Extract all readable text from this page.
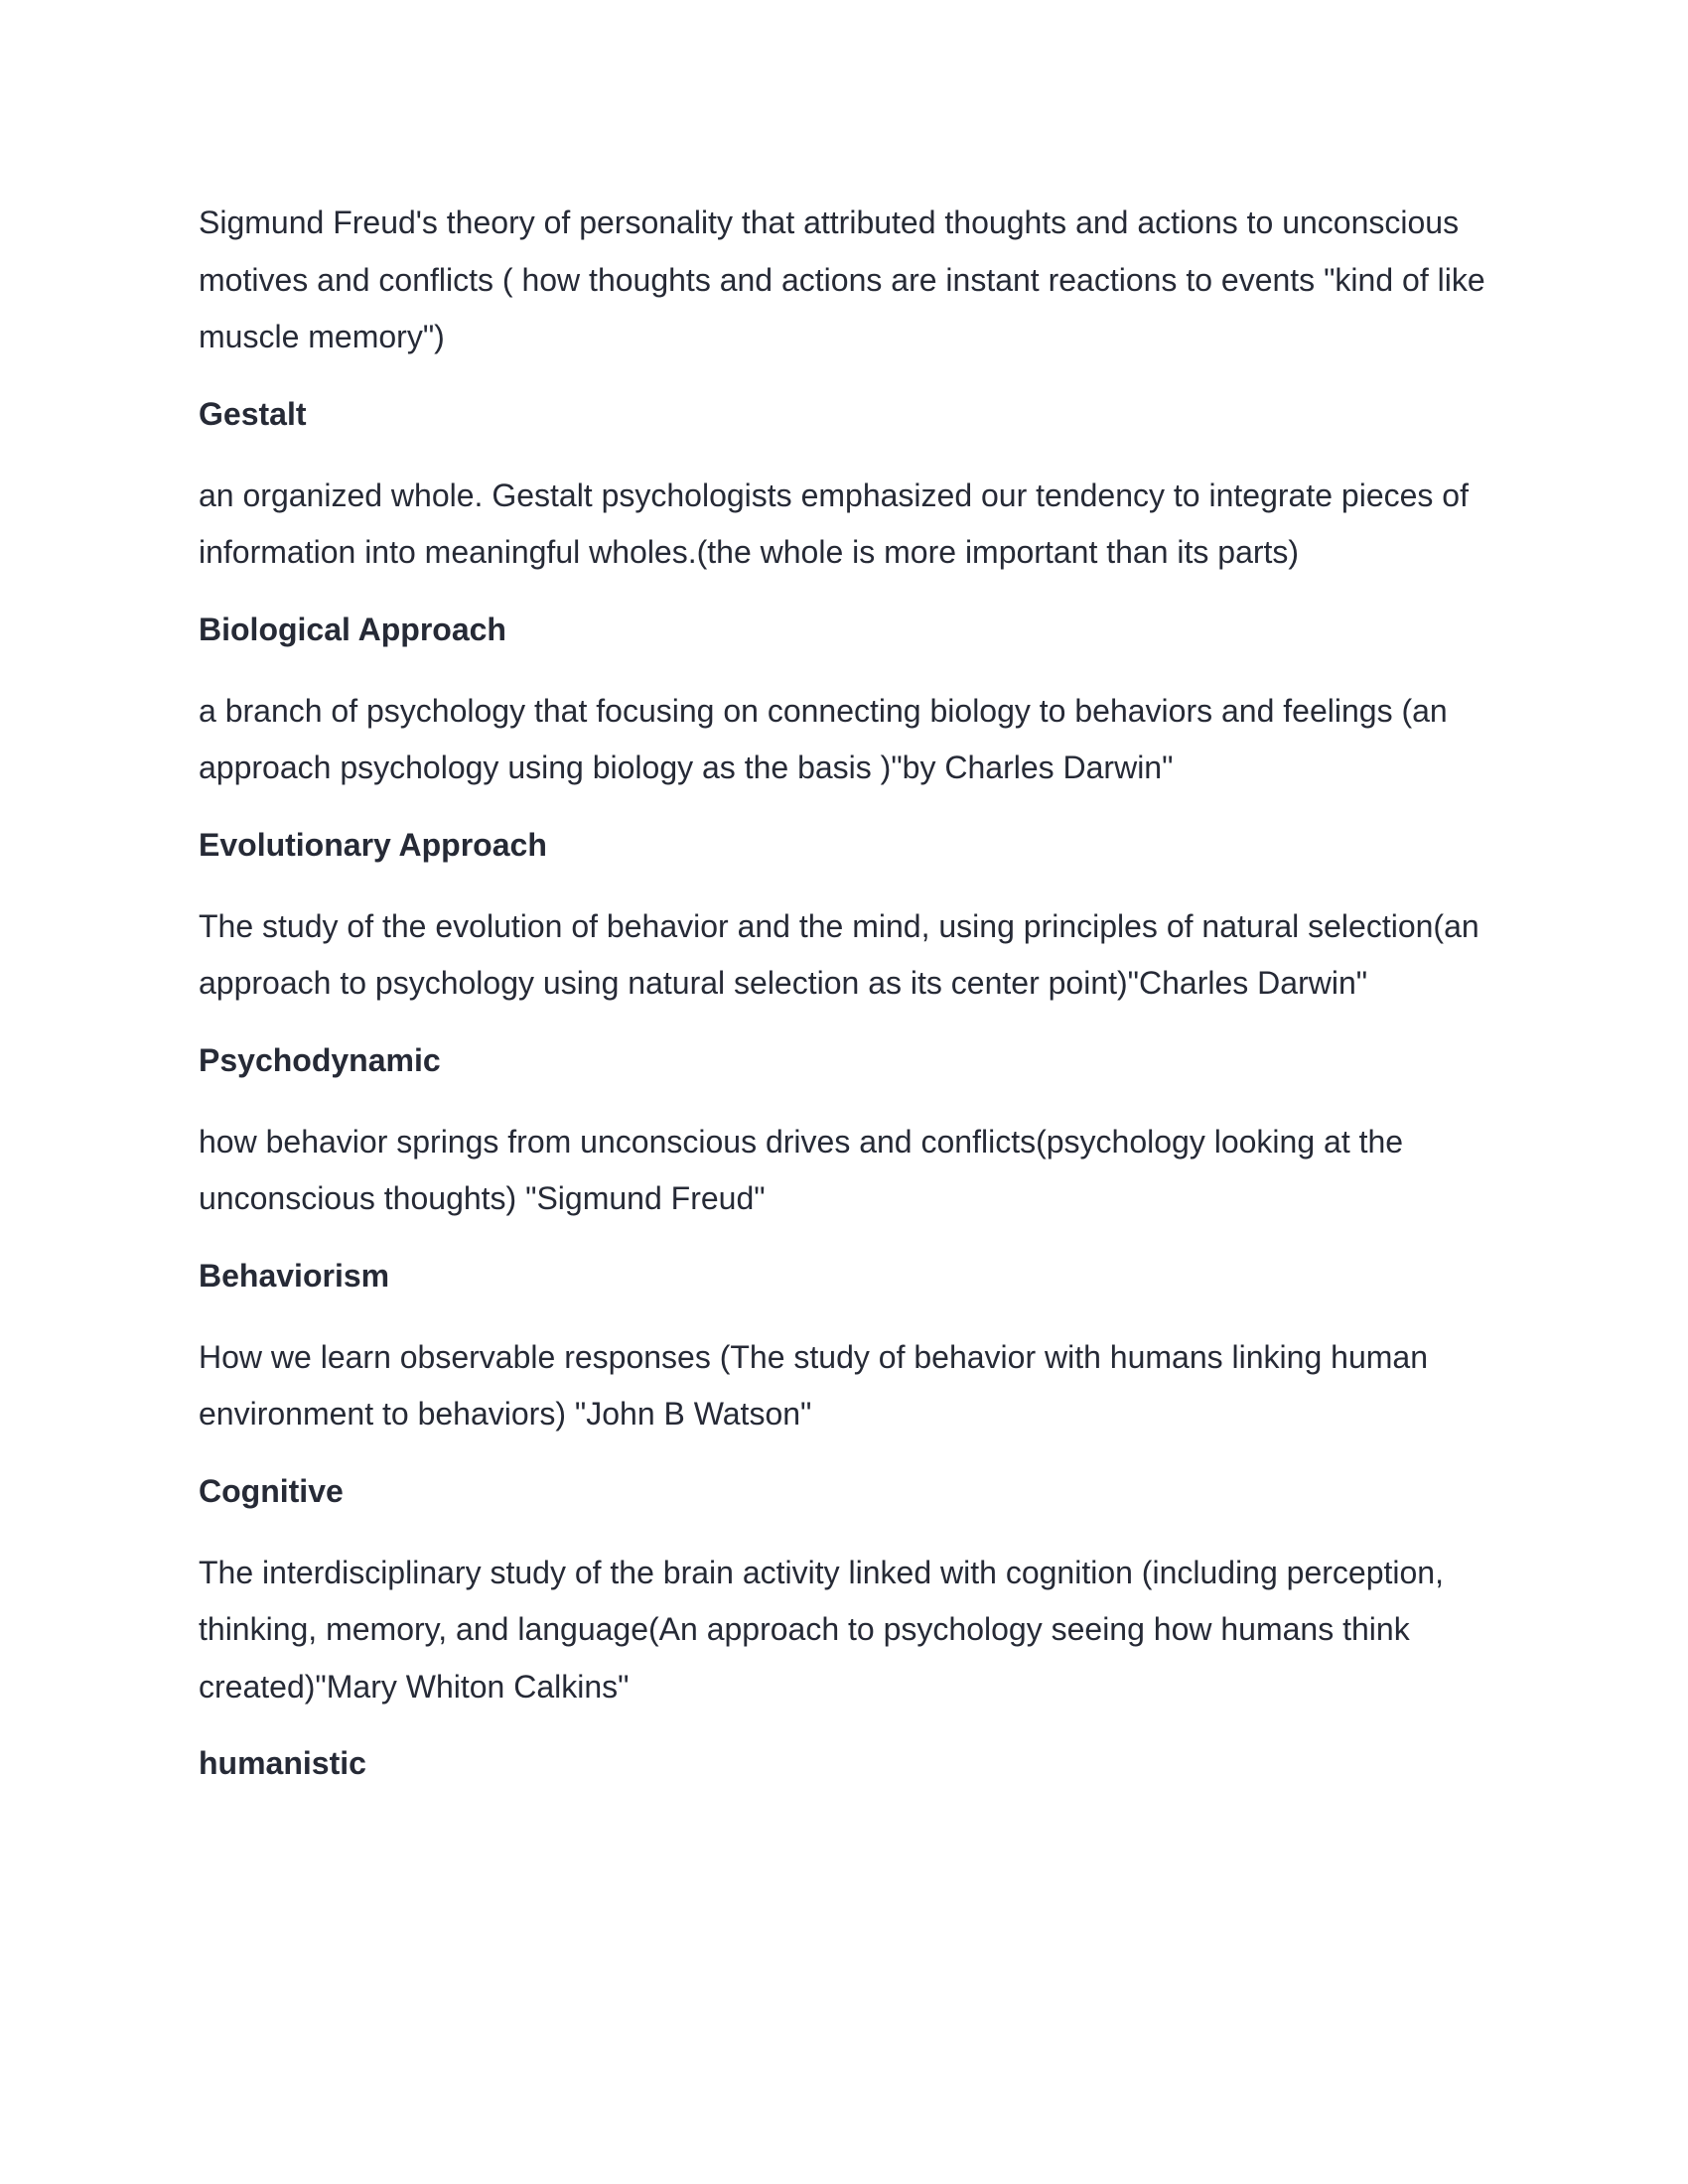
Sigmund Freud's theory of personality that attributed thoughts and actions to unconscious motives and conflicts ( how thoughts and actions are instant reactions to events "kind of like muscle memory")

Gestalt

an organized whole. Gestalt psychologists emphasized our tendency to integrate pieces of information into meaningful wholes.(the whole is more important than its parts)

Biological Approach

a branch of psychology that focusing on connecting biology to behaviors and feelings (an approach psychology using biology as the basis )"by Charles Darwin"

Evolutionary Approach

The study of the evolution of behavior and the mind, using principles of natural selection(an approach to psychology using natural selection as its center point)"Charles Darwin"

Psychodynamic

how behavior springs from unconscious drives and conflicts(psychology looking at the unconscious thoughts) "Sigmund Freud"

Behaviorism

How we learn observable responses (The study of behavior with humans linking human environment to behaviors) "John B Watson"

Cognitive

The interdisciplinary study of the brain activity linked with cognition (including perception, thinking, memory, and language(An approach to psychology seeing how humans think created)"Mary Whiton Calkins"

humanistic
